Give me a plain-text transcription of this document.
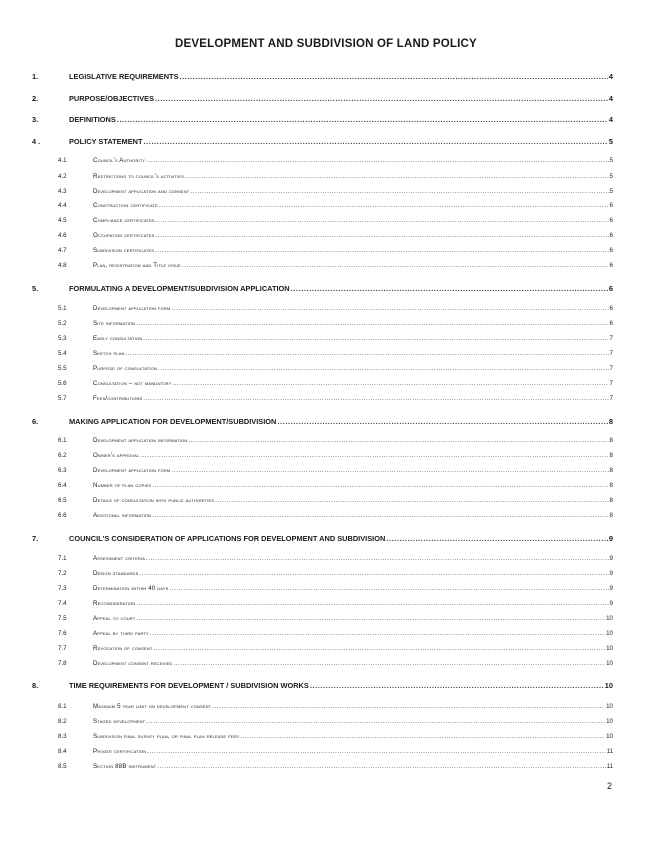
DEVELOPMENT AND SUBDIVISION OF LAND POLICY
1.	LEGISLATIVE REQUIREMENTS .....	4
2.	PURPOSE/OBJECTIVES .....	4
3.	DEFINITIONS .....	4
4 .	POLICY STATEMENT .....	5
4.1	Council's Authority .....	5
4.2	Restrictions to council's activities .....	5
4.3	Development application and consent .....	5
4.4	Construction certificate .....	6
4.5	Compliance certificates .....	6
4.6	Occupation certificates .....	6
4.7	Subdivision certificates .....	6
4.8	Plan, registration and Title issue .....	6
5.	FORMULATING A DEVELOPMENT/SUBDIVISION APPLICATION .....	6
5.1	Development application form .....	6
5.2	Site information .....	6
5.3	Early consultation .....	7
5.4	Sketch plan .....	7
5.5	Purpose of consultation .....	7
5.6	Consultation – not mandatory .....	7
5.7	Fees/contributions .....	7
6.	MAKING APPLICATION FOR DEVELOPMENT/SUBDIVISION .....	8
6.1	Development application information .....	8
6.2	Owner's approval .....	8
6.3	Development application form .....	8
6.4	Number of plan copies .....	8
6.5	Details of consultation with public authorities .....	8
6.6	Additional information .....	8
7.	COUNCIL'S CONSIDERATION OF APPLICATIONS FOR DEVELOPMENT AND SUBDIVISION .....	9
7.1	Assessment criteria .....	9
7.2	Design standards .....	9
7.3	Determination within 40 days .....	9
7.4	Reconsideration .....	9
7.5	Appeal to court .....	10
7.6	Appeal by third party .....	10
7.7	Revocation of consent .....	10
7.8	Development consent received .....	10
8.	TIME REQUIREMENTS FOR DEVELOPMENT / SUBDIVISION WORKS .....	10
8.1	Maximum 5 year limit on development consent .....	10
8.2	Staged development .....	10
8.3	Subdivision final survey plan, or final plan release fees .....	10
8.4	Private certification .....	11
8.5	Section 88B instrument .....	11
2
